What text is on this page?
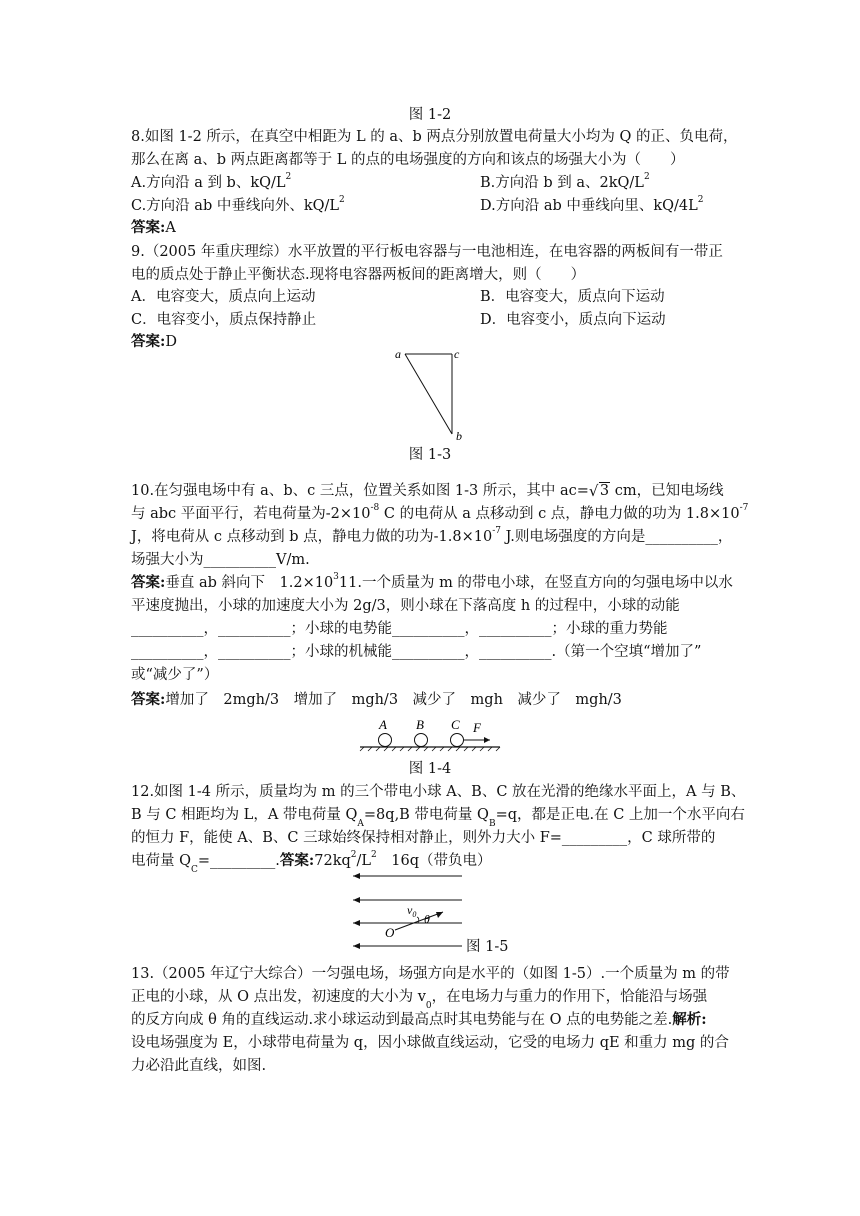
图 1-2
8.如图 1-2 所示，在真空中相距为 L 的 a、b 两点分别放置电荷量大小均为 Q 的正、负电荷，
那么在离 a、b 两点距离都等于 L 的点的电场强度的方向和该点的场强大小为（　　）
A.方向沿 a 到 b、$kQ/L^2$	B.方向沿 b 到 a、$2kQ/L^2$
C.方向沿 ab 中垂线向外、$kQ/L^2$	D.方向沿 ab 中垂线向里、$kQ/4L^2$
答案:A
9.（2005 年重庆理综）水平放置的平行板电容器与一电池相连，在电容器的两板间有一带正
电的质点处于静止平衡状态.现将电容器两板间的距离增大，则（　　）
A．电容变大，质点向上运动	B．电容变大，质点向下运动
C．电容变小，质点保持静止	D．电容变小，质点向下运动
答案:D
a	c
b
图 1-3
10.在匀强电场中有 a、b、c 三点，位置关系如图 1-3 所示，其中 ac= √ 3 cm，已知电场线
与 abc 平面平行，若电荷量为$-2\times 10^{-8}$ C 的电荷从 a 点移动到 c 点，静电力做的功为 $1.8\times 10^{-7}$
J，将电荷从 c 点移动到 b 点，静电力做的功为$-1.8\times 10^{-7}$ J.则电场强度的方向是__________，
场强大小为__________V/m.
答案:垂直 ab 斜向下　$1.2\times 10^311$.一个质量为 m 的带电小球，在竖直方向的匀强电场中以水
平速度抛出，小球的加速度大小为 2g/3，则小球在下落高度 h 的过程中，小球的动能
__________，__________；小球的电势能__________，__________；小球的重力势能
__________，__________；小球的机械能__________，__________.（第一个空填“增加了”
或“减少了”）
答案:增加了　2mgh/3　增加了　mgh/3　减少了　mgh　减少了　mgh/3
A B C F
图 1-4
12.如图 1-4 所示，质量均为 m 的三个带电小球 A、B、C 放在光滑的绝缘水平面上，A 与 B、
B 与 C 相距均为 L，A 带电荷量 QA=8q,B 带电荷量 QB=q，都是正电.在 C 上加一个水平向右
的恒力 F，能使 A、B、C 三球始终保持相对静止，则外力大小 F=_________，C 球所带的
电荷量 QC=_________.答案$:72kq^2/L^2$　16q（带负电）
$v_0$ θ
O
图 1-5
13.（2005 年辽宁大综合）一匀强电场，场强方向是水平的（如图 1-5）.一个质量为 m 的带
正电的小球，从 O 点出发，初速度的大小为 v0，在电场力与重力的作用下，恰能沿与场强
的反方向成 θ 角的直线运动.求小球运动到最高点时其电势能与在 O 点的电势能之差.解析:
设电场强度为 E，小球带电荷量为 q，因小球做直线运动，它受的电场力 qE 和重力 mg 的合
力必沿此直线，如图.
